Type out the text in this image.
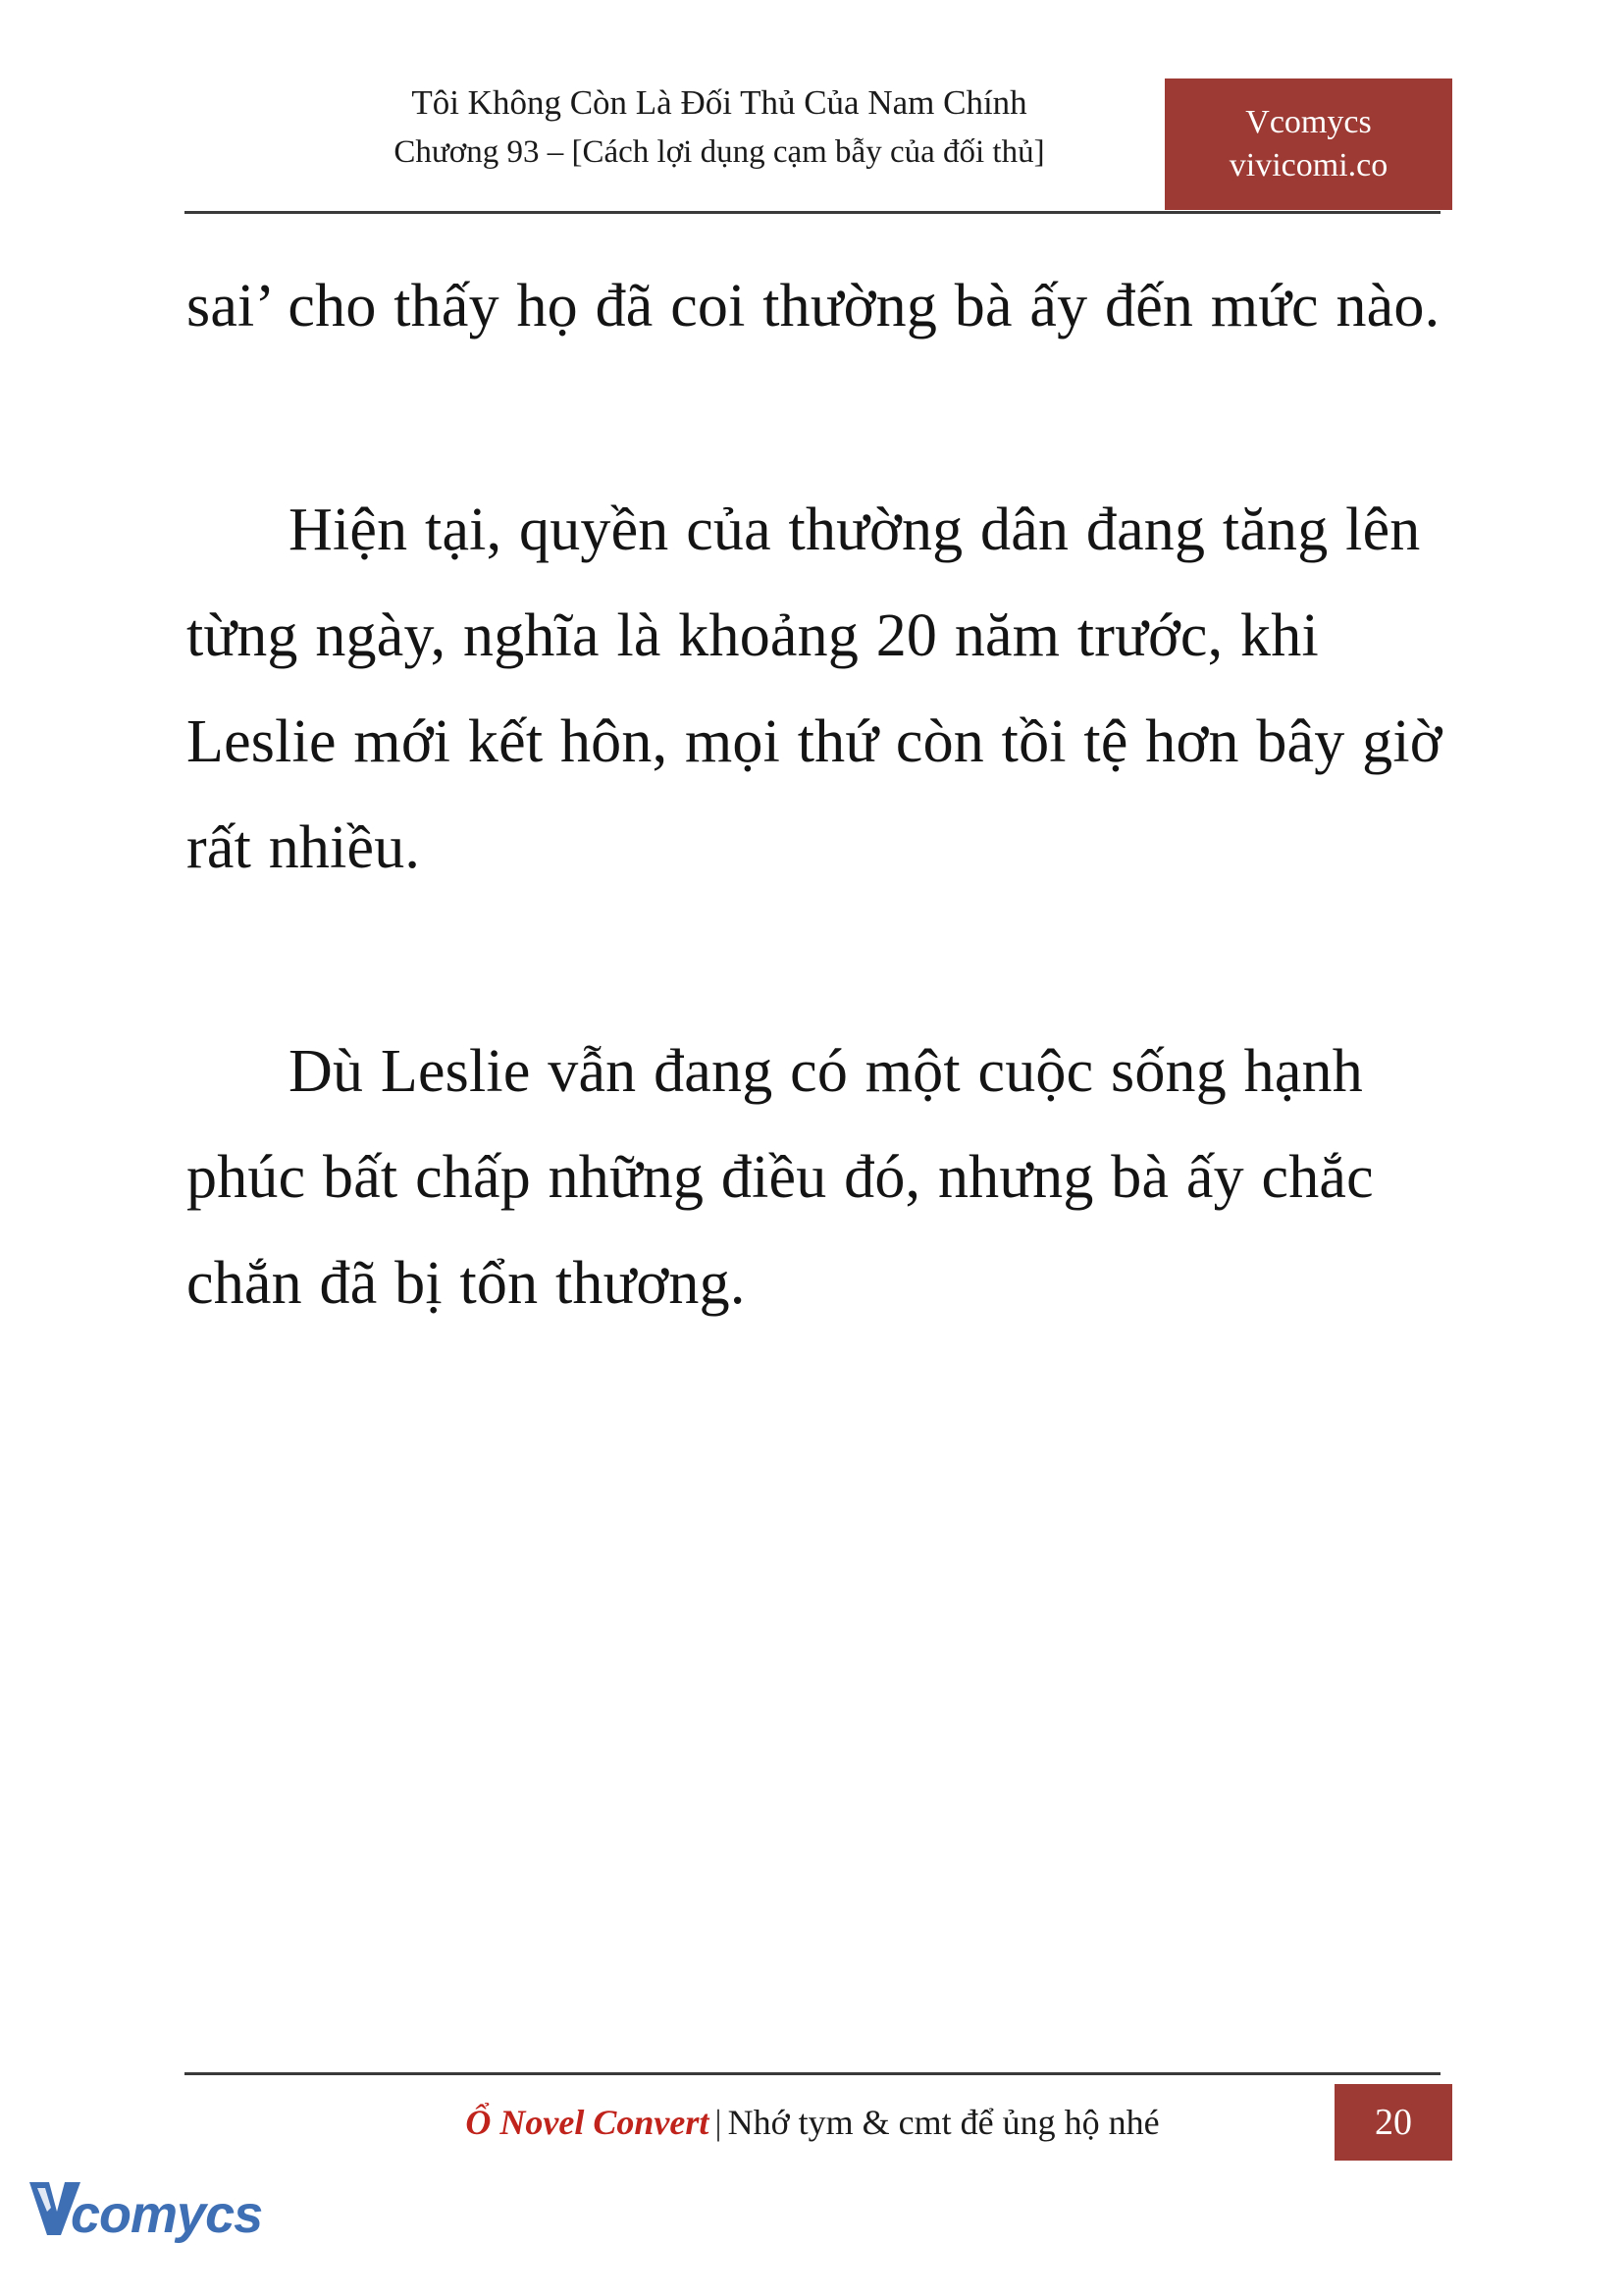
Tôi Không Còn Là Đối Thủ Của Nam Chính
Chương 93 – [Cách lợi dụng cạm bẫy của đối thủ]
Vcomycs
vivicomi.co

sai’ cho thấy họ đã coi thường bà ấy đến mức nào.

Hiện tại, quyền của thường dân đang tăng lên từng ngày, nghĩa là khoảng 20 năm trước, khi Leslie mới kết hôn, mọi thứ còn tồi tệ hơn bây giờ rất nhiều.

Dù Leslie vẫn đang có một cuộc sống hạnh phúc bất chấp những điều đó, nhưng bà ấy chắc chắn đã bị tổn thương.

Ổ Novel Convert | Nhớ tym & cmt để ủng hộ nhé	20
comycs
